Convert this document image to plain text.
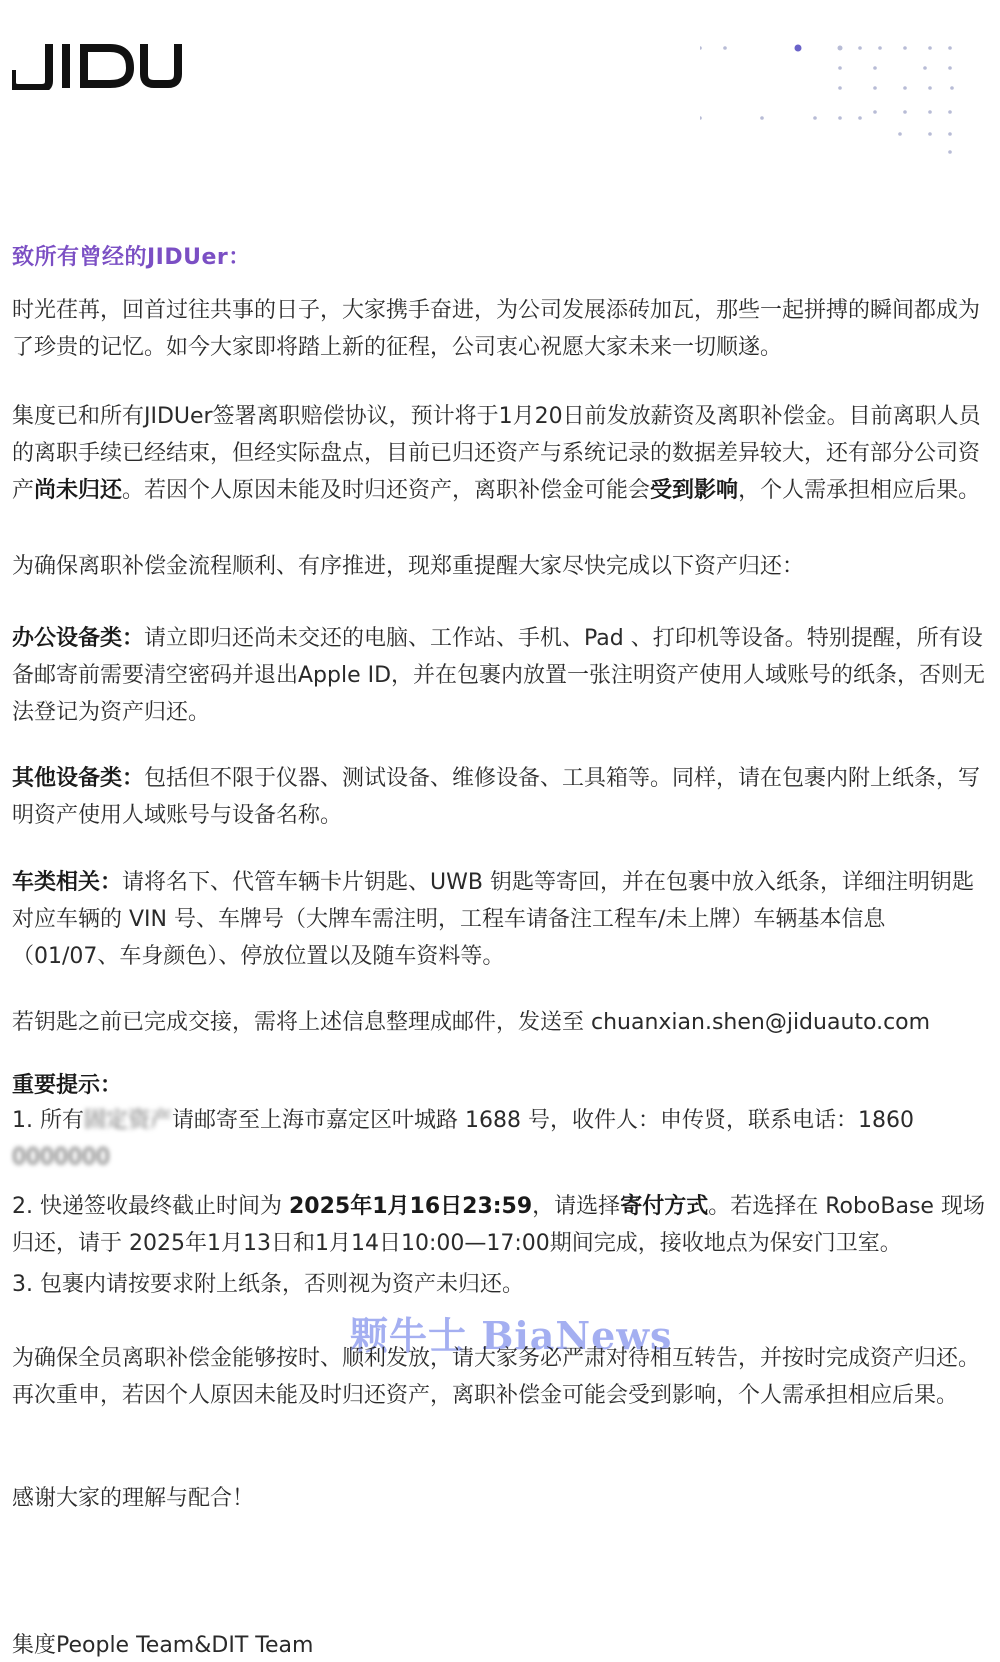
致所有曾经的JIDUer：

时光荏苒，回首过往共事的日子，大家携手奋进，为公司发展添砖加瓦，那些一起拼搏的瞬间都成为了珍贵的记忆。如今大家即将踏上新的征程，公司衷心祝愿大家未来一切顺遂。

集度已和所有JIDUer签署离职赔偿协议，预计将于1月20日前发放薪资及离职补偿金。目前离职人员的离职手续已经结束，但经实际盘点，目前已归还资产与系统记录的数据差异较大，还有部分公司资产尚未归还。若因个人原因未能及时归还资产，离职补偿金可能会受到影响，个人需承担相应后果。

为确保离职补偿金流程顺利、有序推进，现郑重提醒大家尽快完成以下资产归还：

办公设备类：请立即归还尚未交还的电脑、工作站、手机、Pad 、打印机等设备。特别提醒，所有设备邮寄前需要清空密码并退出Apple ID，并在包裹内放置一张注明资产使用人域账号的纸条，否则无法登记为资产归还。

其他设备类：包括但不限于仪器、测试设备、维修设备、工具箱等。同样，请在包裹内附上纸条，写明资产使用人域账号与设备名称。

车类相关：请将名下、代管车辆卡片钥匙、UWB 钥匙等寄回，并在包裹中放入纸条，详细注明钥匙对应车辆的 VIN 号、车牌号（大牌车需注明，工程车请备注工程车/未上牌）车辆基本信息（01/07、车身颜色）、停放位置以及随车资料等。

若钥匙之前已完成交接，需将上述信息整理成邮件，发送至 chuanxian.shen@jiduauto.com

重要提示：

1. 所有固定资产请邮寄至上海市嘉定区叶城路 1688 号，收件人：申传贤，联系电话：18600000000

2. 快递签收最终截止时间为 2025年1月16日23:59，请选择寄付方式。若选择在 RoboBase 现场归还，请于 2025年1月13日和1月14日10:00—17:00期间完成，接收地点为保安门卫室。

3. 包裹内请按要求附上纸条，否则视为资产未归还。

颗牛士 BiaNews

为确保全员离职补偿金能够按时、顺利发放，请大家务必严肃对待相互转告，并按时完成资产归还。再次重申，若因个人原因未能及时归还资产，离职补偿金可能会受到影响，个人需承担相应后果。

感谢大家的理解与配合！

集度People Team&DIT Team
